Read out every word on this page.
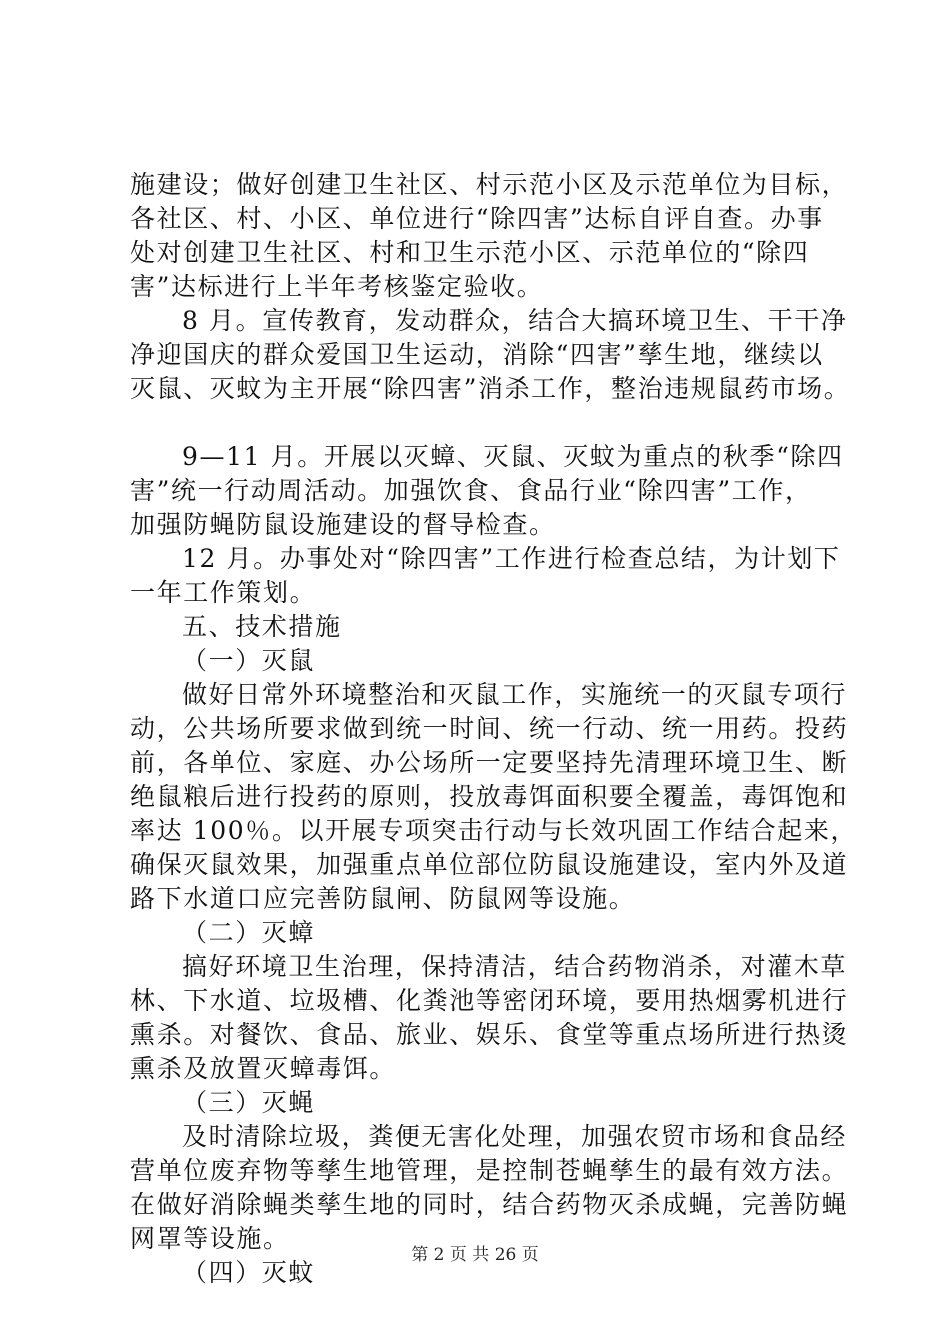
施建设；做好创建卫生社区、村示范小区及示范单位为目标，
各社区、村、小区、单位进行“除四害”达标自评自查。办事
处对创建卫生社区、村和卫生示范小区、示范单位的“除四
害”达标进行上半年考核鉴定验收。
8 月。宣传教育，发动群众，结合大搞环境卫生、干干净
净迎国庆的群众爱国卫生运动，消除“四害”孳生地，继续以
灭鼠、灭蚊为主开展“除四害”消杀工作，整治违规鼠药市场。
9—11 月。开展以灭蟑、灭鼠、灭蚊为重点的秋季“除四
害”统一行动周活动。加强饮食、食品行业“除四害”工作，
加强防蝇防鼠设施建设的督导检查。
12 月。办事处对“除四害”工作进行检查总结，为计划下
一年工作策划。
五、技术措施
（一）灭鼠
做好日常外环境整治和灭鼠工作，实施统一的灭鼠专项行
动，公共场所要求做到统一时间、统一行动、统一用药。投药
前，各单位、家庭、办公场所一定要坚持先清理环境卫生、断
绝鼠粮后进行投药的原则，投放毒饵面积要全覆盖，毒饵饱和
率达 100％。以开展专项突击行动与长效巩固工作结合起来，
确保灭鼠效果，加强重点单位部位防鼠设施建设，室内外及道
路下水道口应完善防鼠闸、防鼠网等设施。
（二）灭蟑
搞好环境卫生治理，保持清洁，结合药物消杀，对灌木草
林、下水道、垃圾槽、化粪池等密闭环境，要用热烟雾机进行
熏杀。对餐饮、食品、旅业、娱乐、食堂等重点场所进行热烫
熏杀及放置灭蟑毒饵。
（三）灭蝇
及时清除垃圾，粪便无害化处理，加强农贸市场和食品经
营单位废弃物等孳生地管理，是控制苍蝇孳生的最有效方法。
在做好消除蝇类孳生地的同时，结合药物灭杀成蝇，完善防蝇
网罩等设施。
（四）灭蚊
第 2 页 共 26 页
